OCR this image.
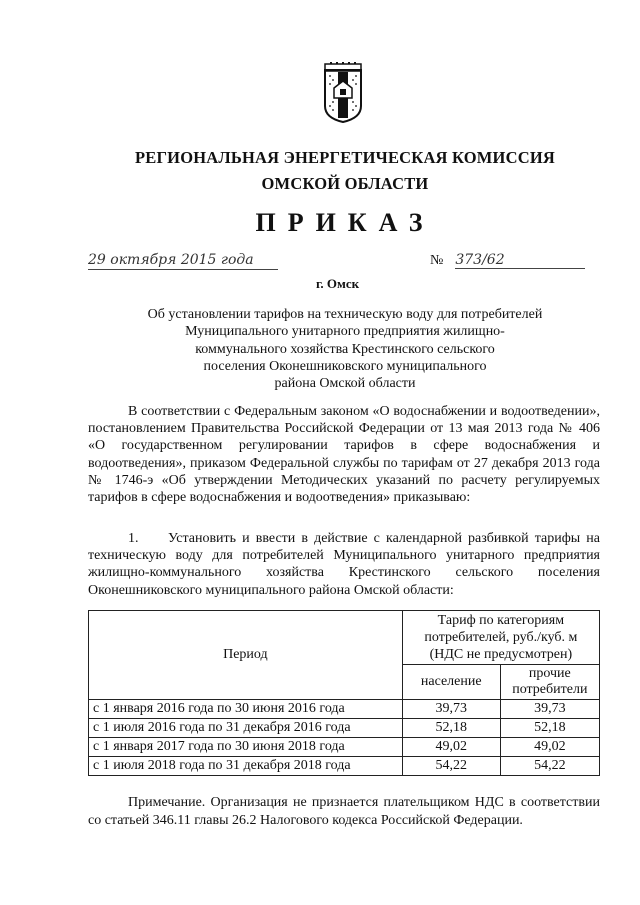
РЕГИОНАЛЬНАЯ ЭНЕРГЕТИЧЕСКАЯ КОМИССИЯ
ОМСКОЙ ОБЛАСТИ
ПРИКАЗ
29 октября 2015 года	№ 373/62
г. Омск
Об установлении тарифов на техническую воду для потребителей
Муниципального унитарного предприятия жилищно-
коммунального хозяйства Крестинского сельского
поселения Оконешниковского муниципального
района Омской области
В соответствии с Федеральным законом «О водоснабжении и водоотведении», постановлением Правительства Российской Федерации от 13 мая 2013 года № 406 «О государственном регулировании тарифов в сфере водоснабжения и водоотведения», приказом Федеральной службы по тарифам от 27 декабря 2013 года № 1746-э «Об утверждении Методических указаний по расчету регулируемых тарифов в сфере водоснабжения и водоотведения» приказываю:
1. Установить и ввести в действие с календарной разбивкой тарифы на техническую воду для потребителей Муниципального унитарного предприятия жилищно-коммунального хозяйства Крестинского сельского поселения Оконешниковского муниципального района Омской области:
Период	Тариф по категориям потребителей, руб./куб. м (НДС не предусмотрен)	
	население	прочие потребители
с 1 января 2016 года по 30 июня 2016 года	39,73	39,73
с 1 июля 2016 года по 31 декабря 2016 года	52,18	52,18
с 1 января 2017 года по 30 июня 2018 года	49,02	49,02
с 1 июля 2018 года по 31 декабря 2018 года	54,22	54,22
Примечание. Организация не признается плательщиком НДС в соответствии со статьей 346.11 главы 26.2 Налогового кодекса Российской Федерации.
